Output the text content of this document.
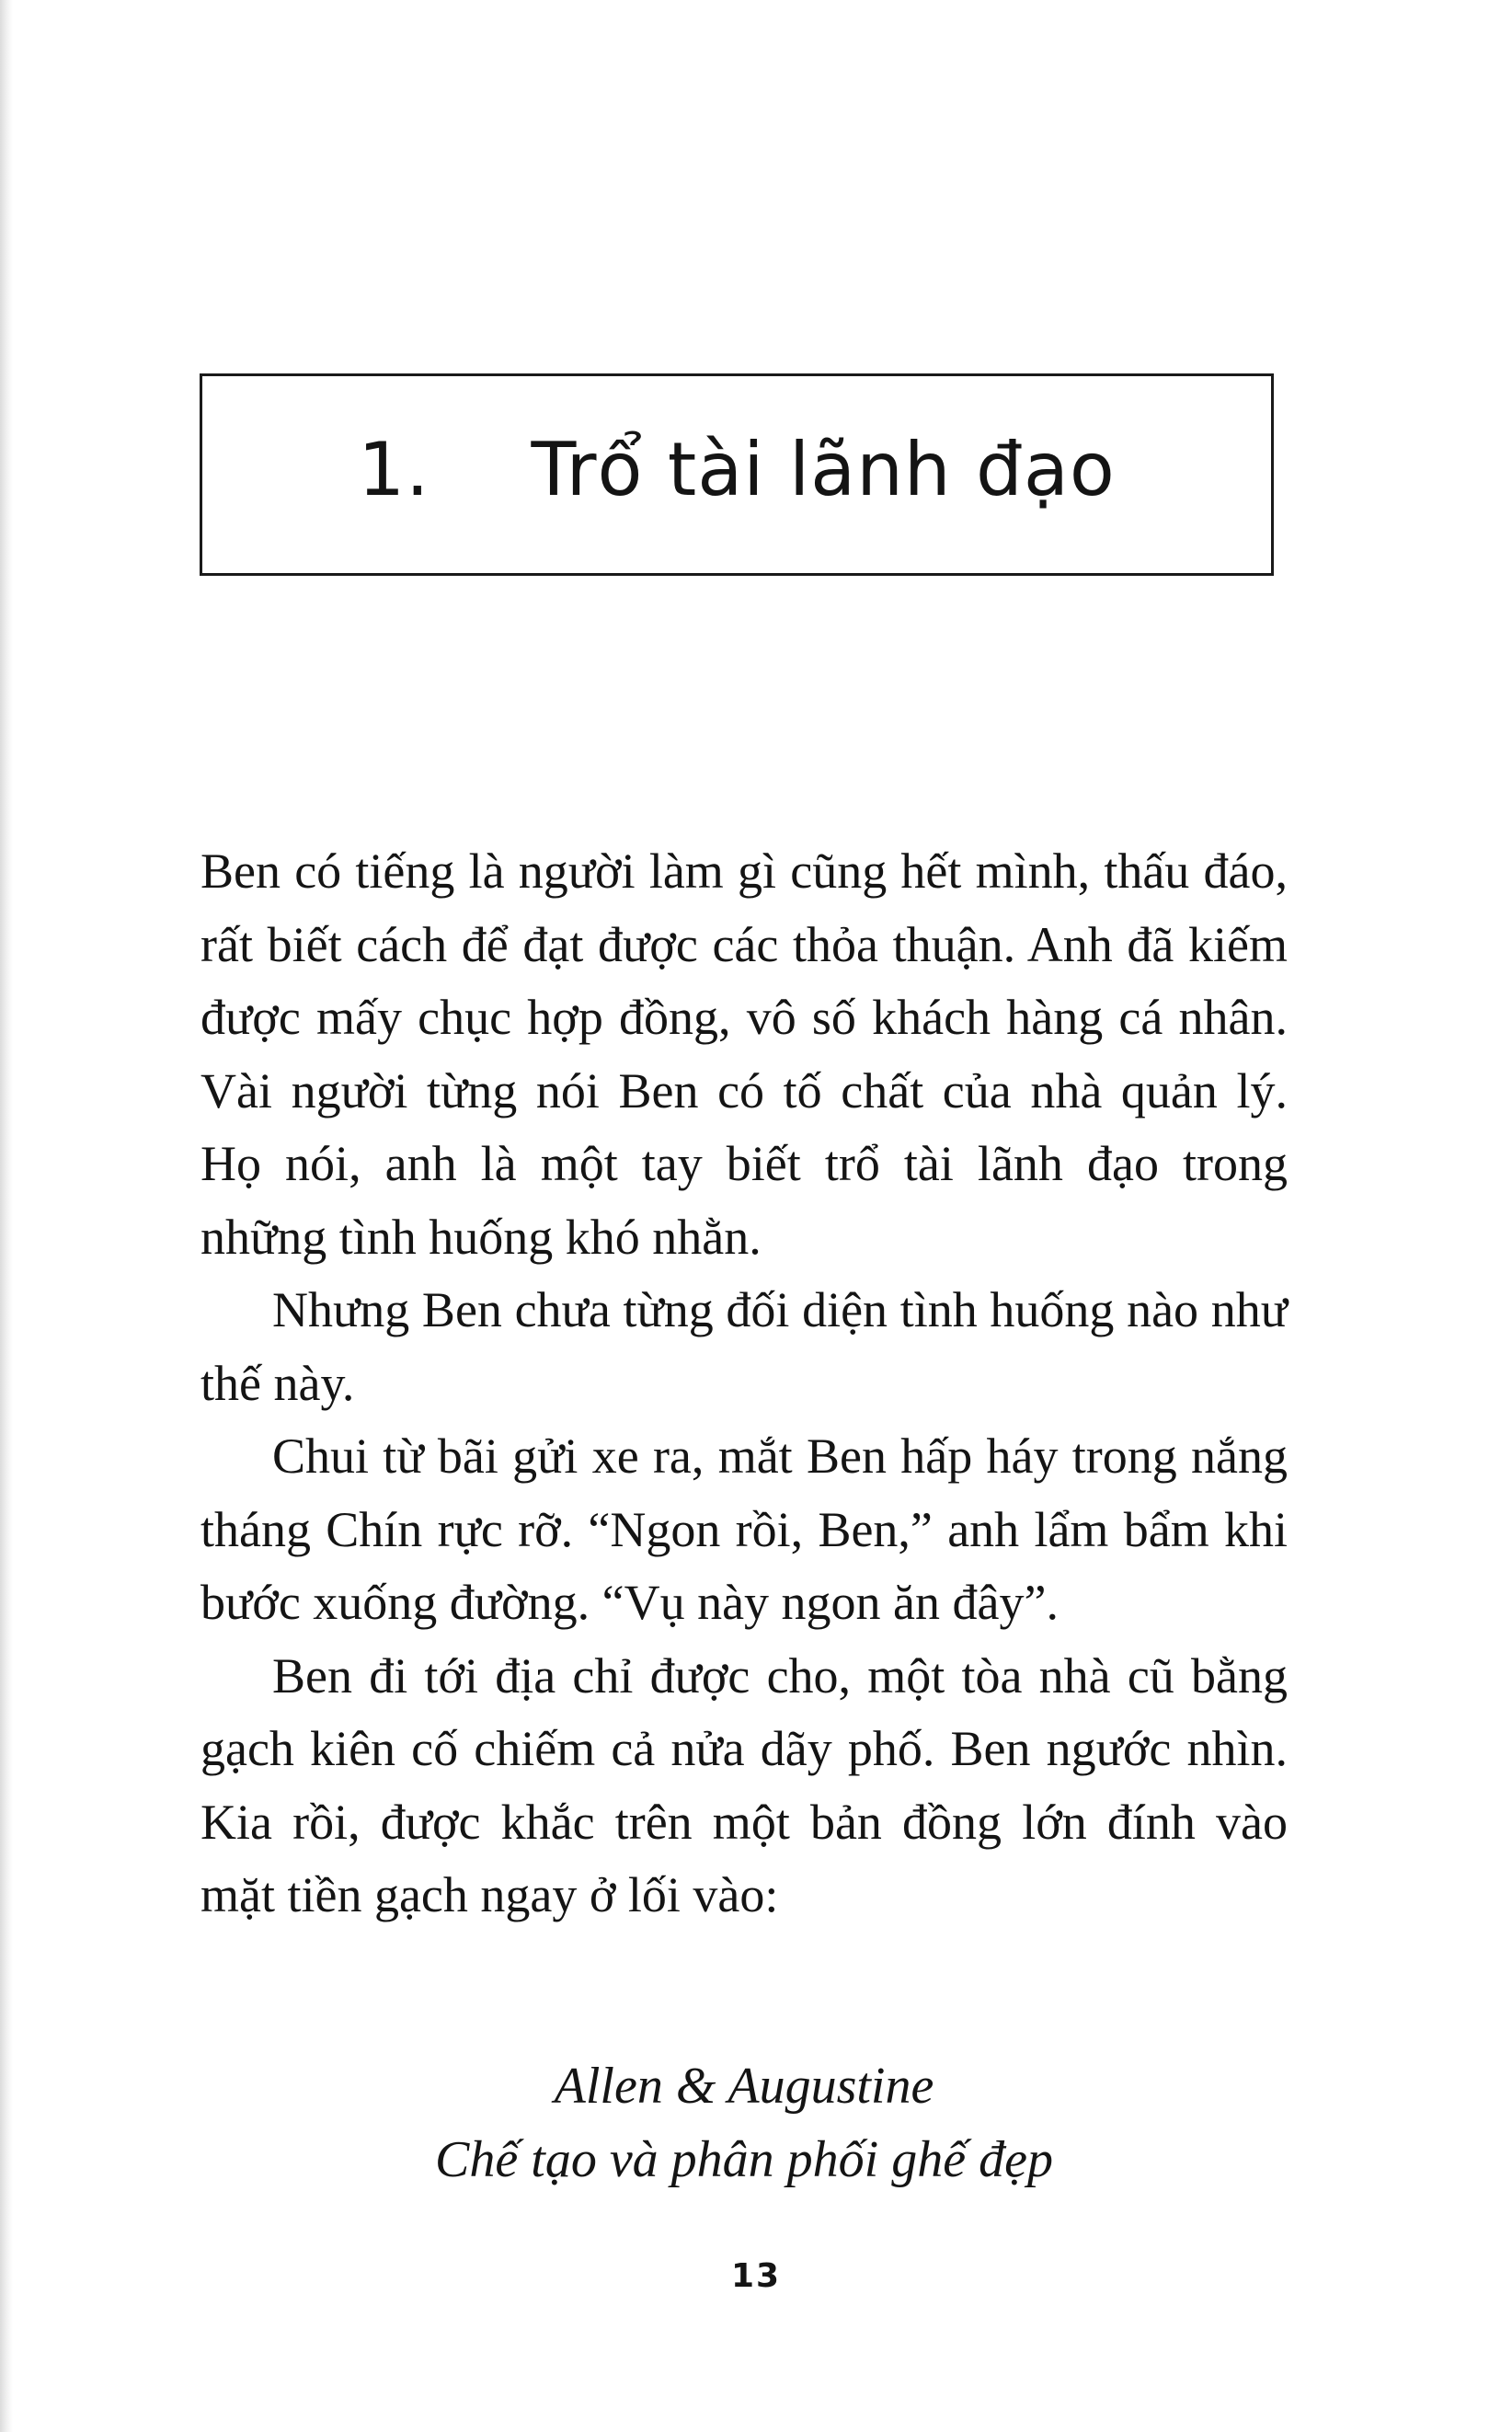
1. Trổ tài lãnh đạo

Ben có tiếng là người làm gì cũng hết mình, thấu đáo, rất biết cách để đạt được các thỏa thuận. Anh đã kiếm được mấy chục hợp đồng, vô số khách hàng cá nhân. Vài người từng nói Ben có tố chất của nhà quản lý. Họ nói, anh là một tay biết trổ tài lãnh đạo trong những tình huống khó nhằn.

Nhưng Ben chưa từng đối diện tình huống nào như thế này.

Chui từ bãi gửi xe ra, mắt Ben hấp háy trong nắng tháng Chín rực rỡ. “Ngon rồi, Ben,” anh lẩm bẩm khi bước xuống đường. “Vụ này ngon ăn đây”.

Ben đi tới địa chỉ được cho, một tòa nhà cũ bằng gạch kiên cố chiếm cả nửa dãy phố. Ben ngước nhìn. Kia rồi, được khắc trên một bản đồng lớn đính vào mặt tiền gạch ngay ở lối vào:

Allen & Augustine
Chế tạo và phân phối ghế đẹp
13
